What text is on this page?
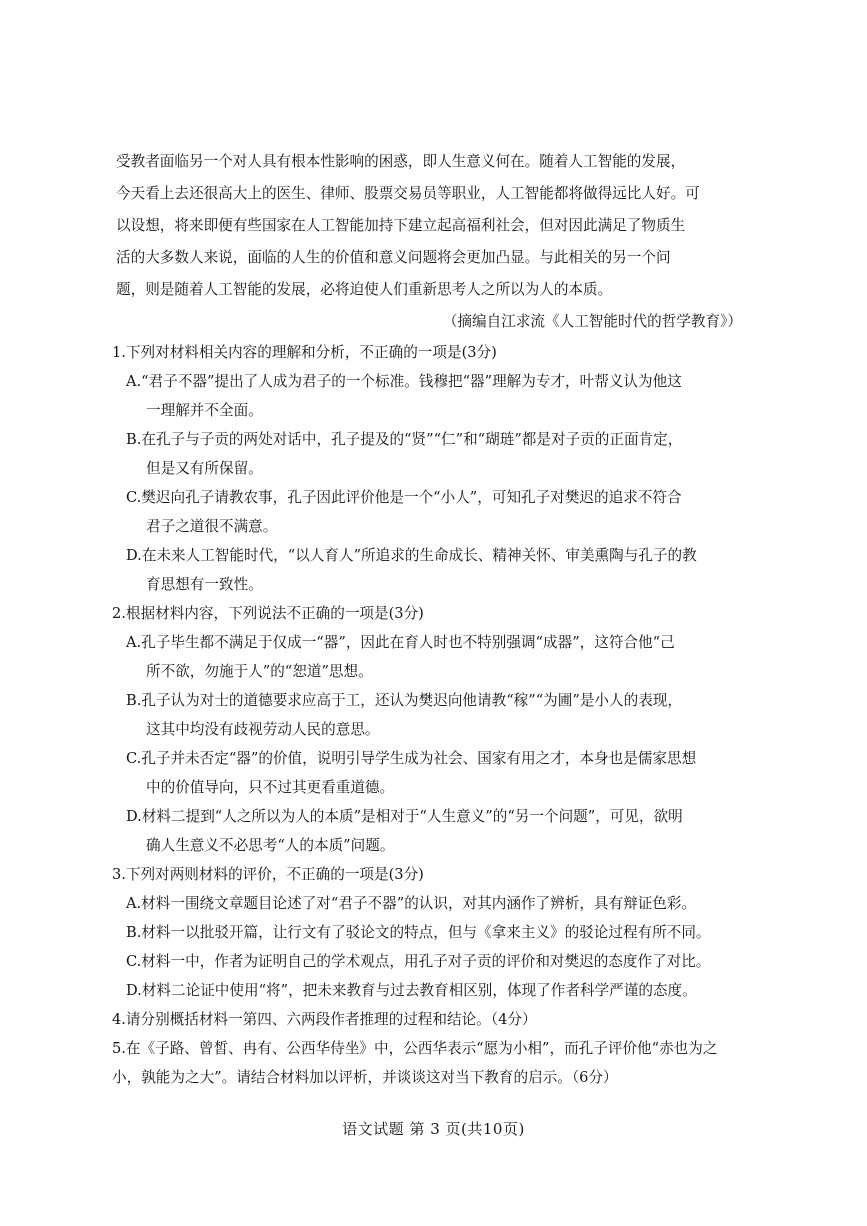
受教者面临另一个对人具有根本性影响的困惑，即人生意义何在。随着人工智能的发展，
今天看上去还很高大上的医生、律师、股票交易员等职业，人工智能都将做得远比人好。可
以设想，将来即便有些国家在人工智能加持下建立起高福利社会，但对因此满足了物质生
活的大多数人来说，面临的人生的价值和意义问题将会更加凸显。与此相关的另一个问
题，则是随着人工智能的发展，必将迫使人们重新思考人之所以为人的本质。

（摘编自江求流《人工智能时代的哲学教育》）

1.下列对材料相关内容的理解和分析，不正确的一项是(3分)
A.“君子不器”提出了人成为君子的一个标准。钱穆把“器”理解为专才，叶帮义认为他这
一理解并不全面。
B.在孔子与子贡的两处对话中，孔子提及的“贤”“仁”和“瑚琏”都是对子贡的正面肯定，
但是又有所保留。
C.樊迟向孔子请教农事，孔子因此评价他是一个“小人”，可知孔子对樊迟的追求不符合
君子之道很不满意。
D.在未来人工智能时代，“以人育人”所追求的生命成长、精神关怀、审美熏陶与孔子的教
育思想有一致性。
2.根据材料内容，下列说法不正确的一项是(3分)
A.孔子毕生都不满足于仅成一“器”，因此在育人时也不特别强调“成器”，这符合他“己
所不欲，勿施于人”的“恕道”思想。
B.孔子认为对士的道德要求应高于工，还认为樊迟向他请教“稼”“为圃”是小人的表现，
这其中均没有歧视劳动人民的意思。
C.孔子并未否定“器”的价值，说明引导学生成为社会、国家有用之才，本身也是儒家思想
中的价值导向，只不过其更看重道德。
D.材料二提到“人之所以为人的本质”是相对于“人生意义”的“另一个问题”，可见，欲明
确人生意义不必思考“人的本质”问题。
3.下列对两则材料的评价，不正确的一项是(3分)
A.材料一围绕文章题目论述了对“君子不器”的认识，对其内涵作了辨析，具有辩证色彩。
B.材料一以批驳开篇，让行文有了驳论文的特点，但与《拿来主义》的驳论过程有所不同。
C.材料一中，作者为证明自己的学术观点，用孔子对子贡的评价和对樊迟的态度作了对比。
D.材料二论证中使用“将”，把未来教育与过去教育相区别，体现了作者科学严谨的态度。
4.请分别概括材料一第四、六两段作者推理的过程和结论。（4分）
5.在《子路、曾皙、冉有、公西华侍坐》中，公西华表示“愿为小相”，而孔子评价他“赤也为之
小，孰能为之大”。请结合材料加以评析，并谈谈这对当下教育的启示。（6分）
语文试题 第 3 页(共10页)
